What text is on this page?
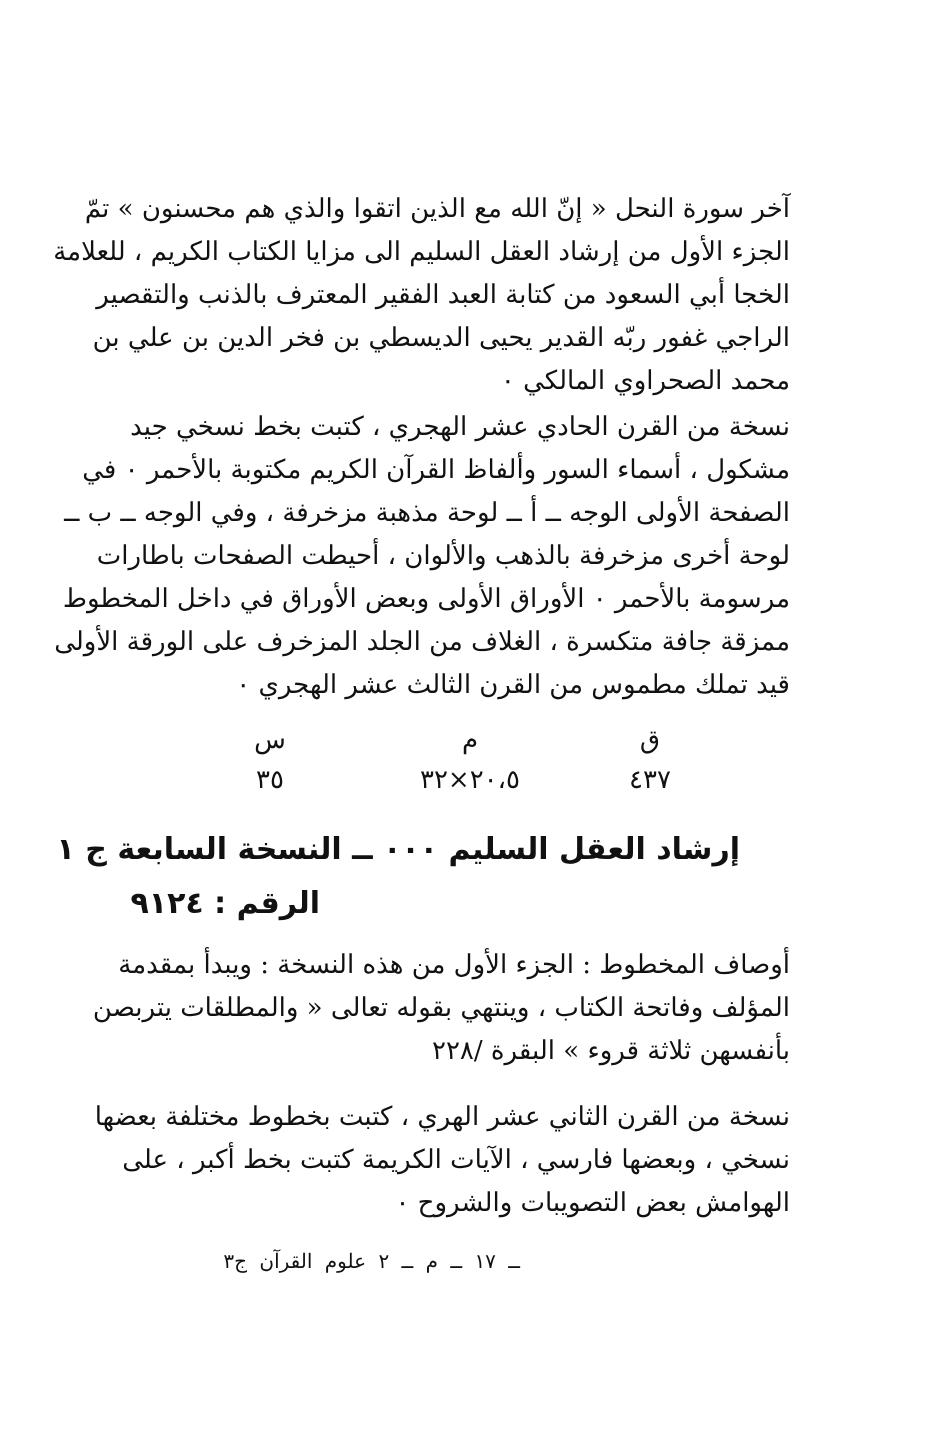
آخر سورة النحل « إنّ الله مع الذين اتقوا والذي هم محسنون » تمّ
الجزء الأول من إرشاد العقل السليم الى مزايا الكتاب الكريم ، للعلامة
الخجا أبي السعود من كتابة العبد الفقير المعترف بالذنب والتقصير
الراجي غفور ربّه القدير يحيى الديسطي بن فخر الدين بن علي بن
محمد الصحراوي المالكي ٠
نسخة من القرن الحادي عشر الهجري ، كتبت بخط نسخي جيد
مشكول ، أسماء السور وألفاظ القرآن الكريم مكتوبة بالأحمر ٠ في
الصفحة الأولى الوجه ــ أ ــ لوحة مذهبة مزخرفة ، وفي الوجه ــ ب ــ
لوحة أخرى مزخرفة بالذهب والألوان ، أحيطت الصفحات باطارات
مرسومة بالأحمر ٠ الأوراق الأولى وبعض الأوراق في داخل المخطوط
ممزقة جافة متكسرة ، الغلاف من الجلد المزخرف على الورقة الأولى
قيد تملك مطموس من القرن الثالث عشر الهجري ٠
ق
٤٣٧
م
٢٠،٥×٣٢
س
٣٥
إرشاد العقل السليم ٠٠٠ ــ النسخة السابعة ج ١
الرقم : ٩١٢٤
أوصاف المخطوط : الجزء الأول من هذه النسخة : ويبدأ بمقدمة
المؤلف وفاتحة الكتاب ، وينتهي بقوله تعالى « والمطلقات يتربصن
بأنفسهن ثلاثة قروء » البقرة /٢٢٨
نسخة من القرن الثاني عشر الهري ، كتبت بخطوط مختلفة بعضها
نسخي ، وبعضها فارسي ، الآيات الكريمة كتبت بخط أكبر ، على
الهوامش بعض التصويبات والشروح ٠
ــ ١٧ ــ م ــ ٢ علوم القرآن ج٣
